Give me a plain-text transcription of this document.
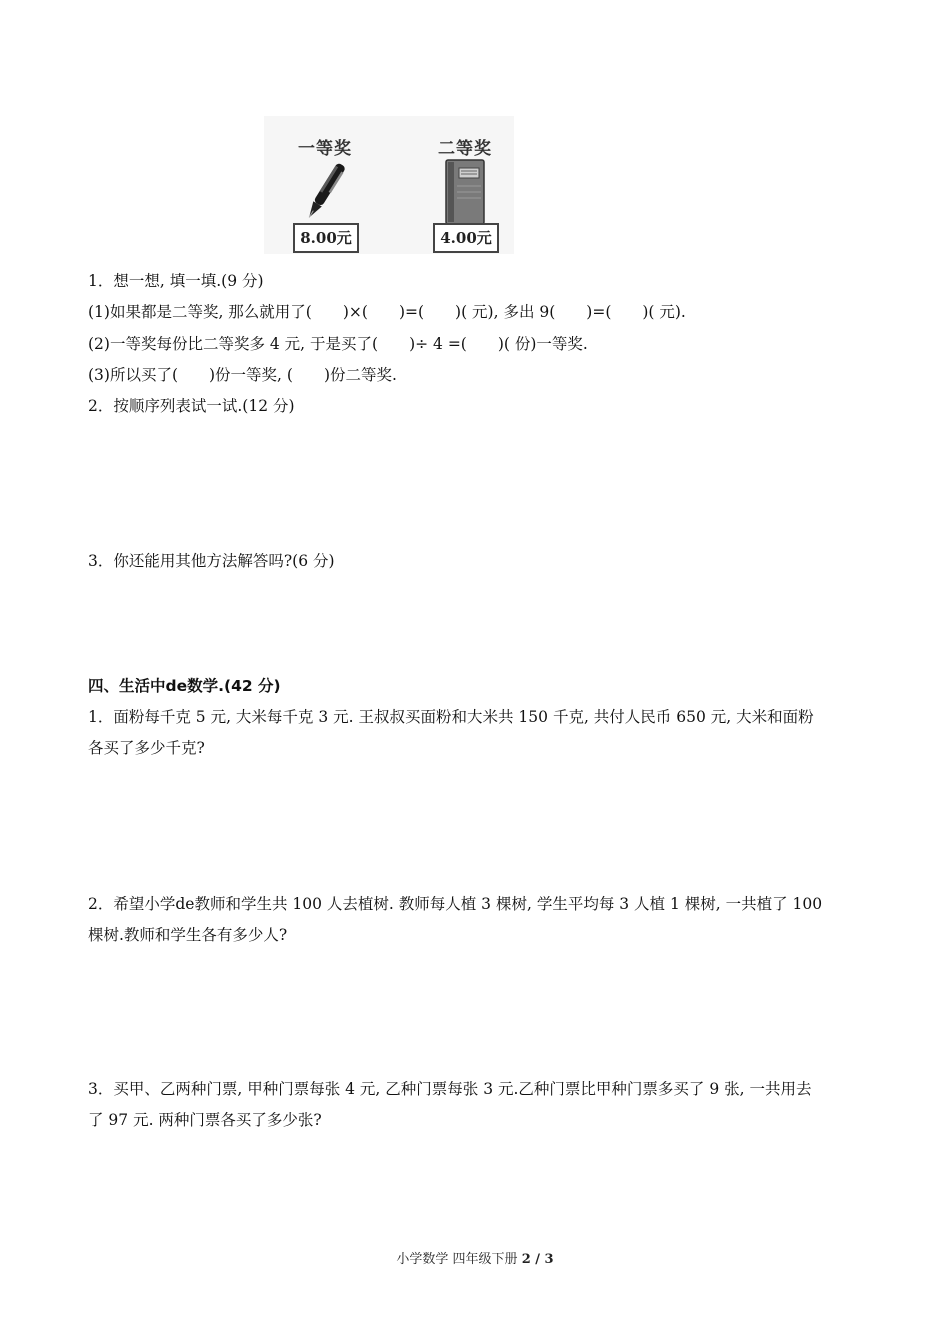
一等奖
8.00元
二等奖
4.00元
1．想一想, 填一填.(9 分)
(1)如果都是二等奖, 那么就用了(　　)×(　　)=(　　)( 元), 多出 9(　　)=(　　)( 元).
(2)一等奖每份比二等奖多 4 元, 于是买了(　　)÷ 4 =(　　)( 份)一等奖.
(3)所以买了(　　)份一等奖, (　　)份二等奖.
2．按顺序列表试一试.(12 分)
3．你还能用其他方法解答吗?(6 分)
四、生活中de数学.(42 分)
1．面粉每千克 5 元, 大米每千克 3 元. 王叔叔买面粉和大米共 150 千克, 共付人民币 650 元, 大米和面粉
各买了多少千克?
2．希望小学de教师和学生共 100 人去植树. 教师每人植 3 棵树, 学生平均每 3 人植 1 棵树, 一共植了 100
棵树.教师和学生各有多少人?
3．买甲、乙两种门票, 甲种门票每张 4 元, 乙种门票每张 3 元.乙种门票比甲种门票多买了 9 张, 一共用去
了 97 元. 两种门票各买了多少张?
小学数学 四年级下册 2 / 3
